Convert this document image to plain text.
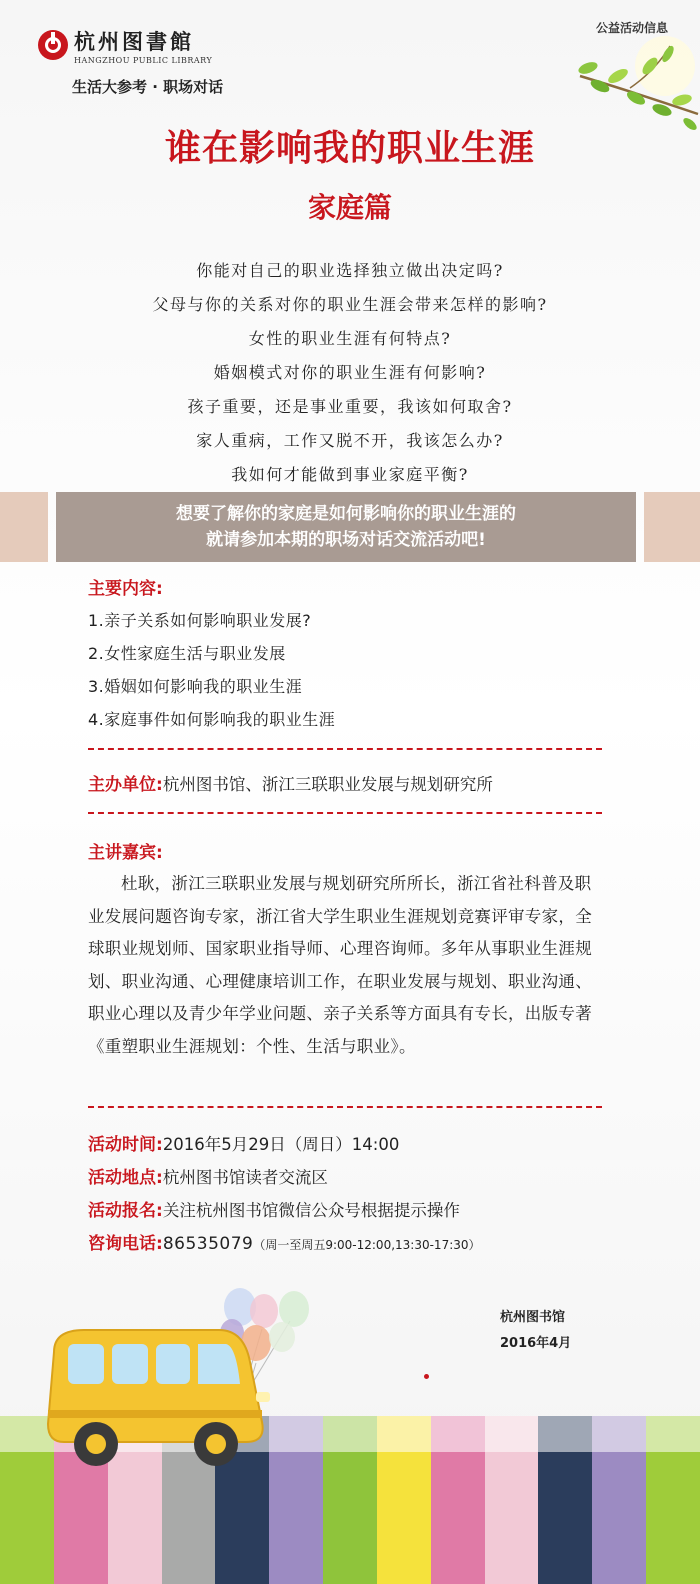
杭州图書館
HANGZHOU PUBLIC LIBRARY
生活大参考 · 职场对话
公益活动信息
谁在影响我的职业生涯
家庭篇
你能对自己的职业选择独立做出决定吗?
父母与你的关系对你的职业生涯会带来怎样的影响?
女性的职业生涯有何特点?
婚姻模式对你的职业生涯有何影响?
孩子重要，还是事业重要，我该如何取舍?
家人重病，工作又脱不开，我该怎么办?
我如何才能做到事业家庭平衡?
想要了解你的家庭是如何影响你的职业生涯的
就请参加本期的职场对话交流活动吧!
主要内容:
1.亲子关系如何影响职业发展?
2.女性家庭生活与职业发展
3.婚姻如何影响我的职业生涯
4.家庭事件如何影响我的职业生涯
主办单位:杭州图书馆、浙江三联职业发展与规划研究所
主讲嘉宾:

杜耿，浙江三联职业发展与规划研究所所长，浙江省社科普及职业发展问题咨询专家，浙江省大学生职业生涯规划竞赛评审专家，全球职业规划师、国家职业指导师、心理咨询师。多年从事职业生涯规划、职业沟通、心理健康培训工作，在职业发展与规划、职业沟通、职业心理以及青少年学业问题、亲子关系等方面具有专长，出版专著《重塑职业生涯规划：个性、生活与职业》。

活动时间:2016年5月29日（周日）14:00
活动地点:杭州图书馆读者交流区
活动报名:关注杭州图书馆微信公众号根据提示操作
咨询电话:86535079（周一至周五9:00-12:00,13:30-17:30）
杭州图书馆
2016年4月
